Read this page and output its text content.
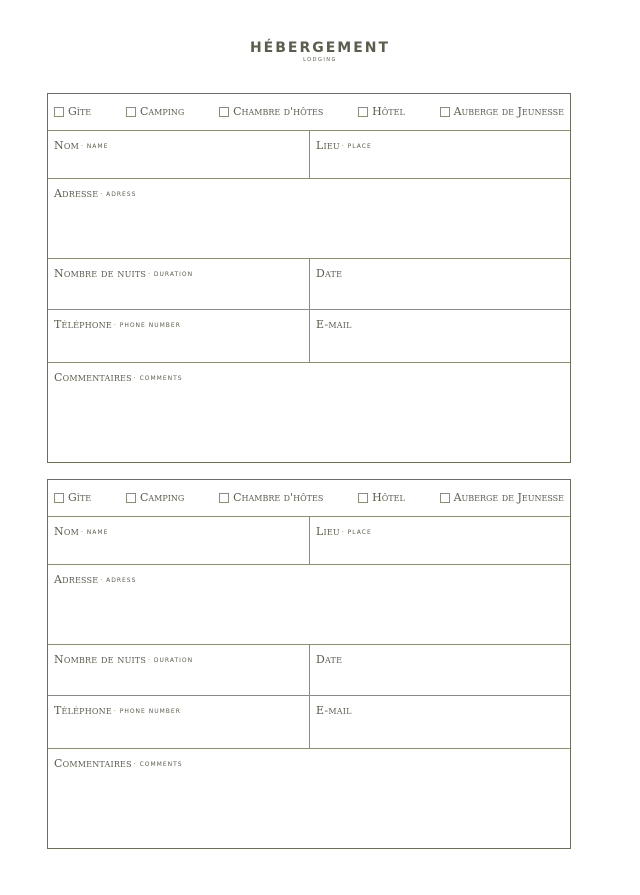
HÉBERGEMENT
LODGING
Gîte	Camping	Chambre d'hôtes	Hôtel	Auberge de Jeunesse
Nom · NAME	Lieu · PLACE
Adresse · ADRESS
Nombre de nuits · DURATION	Date
Téléphone · PHONE NUMBER	E-mail
Commentaires · COMMENTS
Gîte	Camping	Chambre d'hôtes	Hôtel	Auberge de Jeunesse
Nom · NAME	Lieu · PLACE
Adresse · ADRESS
Nombre de nuits · DURATION	Date
Téléphone · PHONE NUMBER	E-mail
Commentaires · COMMENTS
